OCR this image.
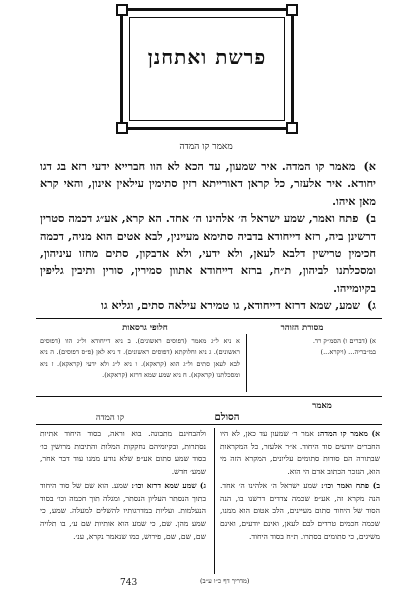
פרשת ואתחנן
מאמר קו המדה

א) מאמר קו המדה. איר שמעון, עד הכא לא הוו חברייא ידעי רזא בג דגו יחודא. איר אלעזר, כל קראן דאורייתא רזין סתימין עילאין אינון, והאי קרא מאן איהו.

ב) פתח ואמר, שמע ישראל ה׳ אלהינו ה׳ אחד. הא קרא, אע״ג דכמה סטרין דרשינן ביה, רזא דייחודא בדביה סתימא מעיינין, לבא אטים הוא מניה, דכמה חכימין טרישין דלבא לעאן, ולא ידעי, ולא אדבקון, סתים מחזו עיניהון, ומסכלתנו לביהון, ת״ח, ברזא דייחודא אתוון סמירין, סורין ותיבין גליפין בקיומייהו.

ג) שמע, שמא דרזא דייחודא, גו טמירא עילאה סתים, וגליא גו

מסורת הזוהר
חלופי גרסאות
א) (דברים ו) הסמ״ק רד.
במ״בריה... (ויקרא...)
א ניא ל״ג מאמר (דפוסים ראשונים). ב ניא דייחודא ול״ג הוו (דפוסים ראשונים). ג ניא וחלוקתא (דפוסים ראשונים). ד ניא לאן (פ״ס דפוסים). ה ניא לבא לעאן סתים ול״ג הוא (קראקא). ו ניא ל״ג ולא ידעי (קראקא). ז ניא ומסכלתנו (קראקא). ח ניא שמע שמא דרזא (קראקא).
מאמר
הסולם
קו המדה

א) מאמר קו המדה: אמר ר׳ שמעון עד כאן, לא היו החברים יודעים סוד היחוד. א״ר אלעזר, כל המקראות שבתורה הם סודות סתומים עליונים, המקרא הזה מי הוא, הנזכר הכתוב אדם הי הוא.

ב) פתח ואמר וכו׳: שמע ישראל ה׳ אלהינו ה׳ אחד. הנה מקרא זה, אע״פ שכמה צדדים דרשנו בו, הנה הסוד של היחוד סתום מעיינים, הלב אטום הוא ממנו, שכמה חכמים טרדים לבם לעאן, ואינם יודעים, ואינם משיגים, כי סתומים בסתרו. ת״ח בסוד היחוד.

ולהבחינם מתבונה. בוא וראה, בסוד היחוד אתיות נסתרות, ובקיומיהם נחקקות המלות והתיבות מרושין כו׳ בסוד שמע סתום אע״פ שלא נודע ממנו עוד דבר אחר, שמע׳ חדש.

ג) שמע שמא דרזא וכו׳: שמע. הוא שם של סוד היחוד בתוך הנסתר העליון הנסתר, ומגלה תוך חכמה וכו׳ בסוד הנעלמות. ועליות במדרגותיו להשלים למעלה. שמע, כי שמע מהן. שם, כי שמע הוא אותיות שם ע׳, בו תלויה שם, שם, שם, פירוש, כמו שנאמר נקרא, ענ׳.

(מדריך דף כ״ו ע״ב)
743
